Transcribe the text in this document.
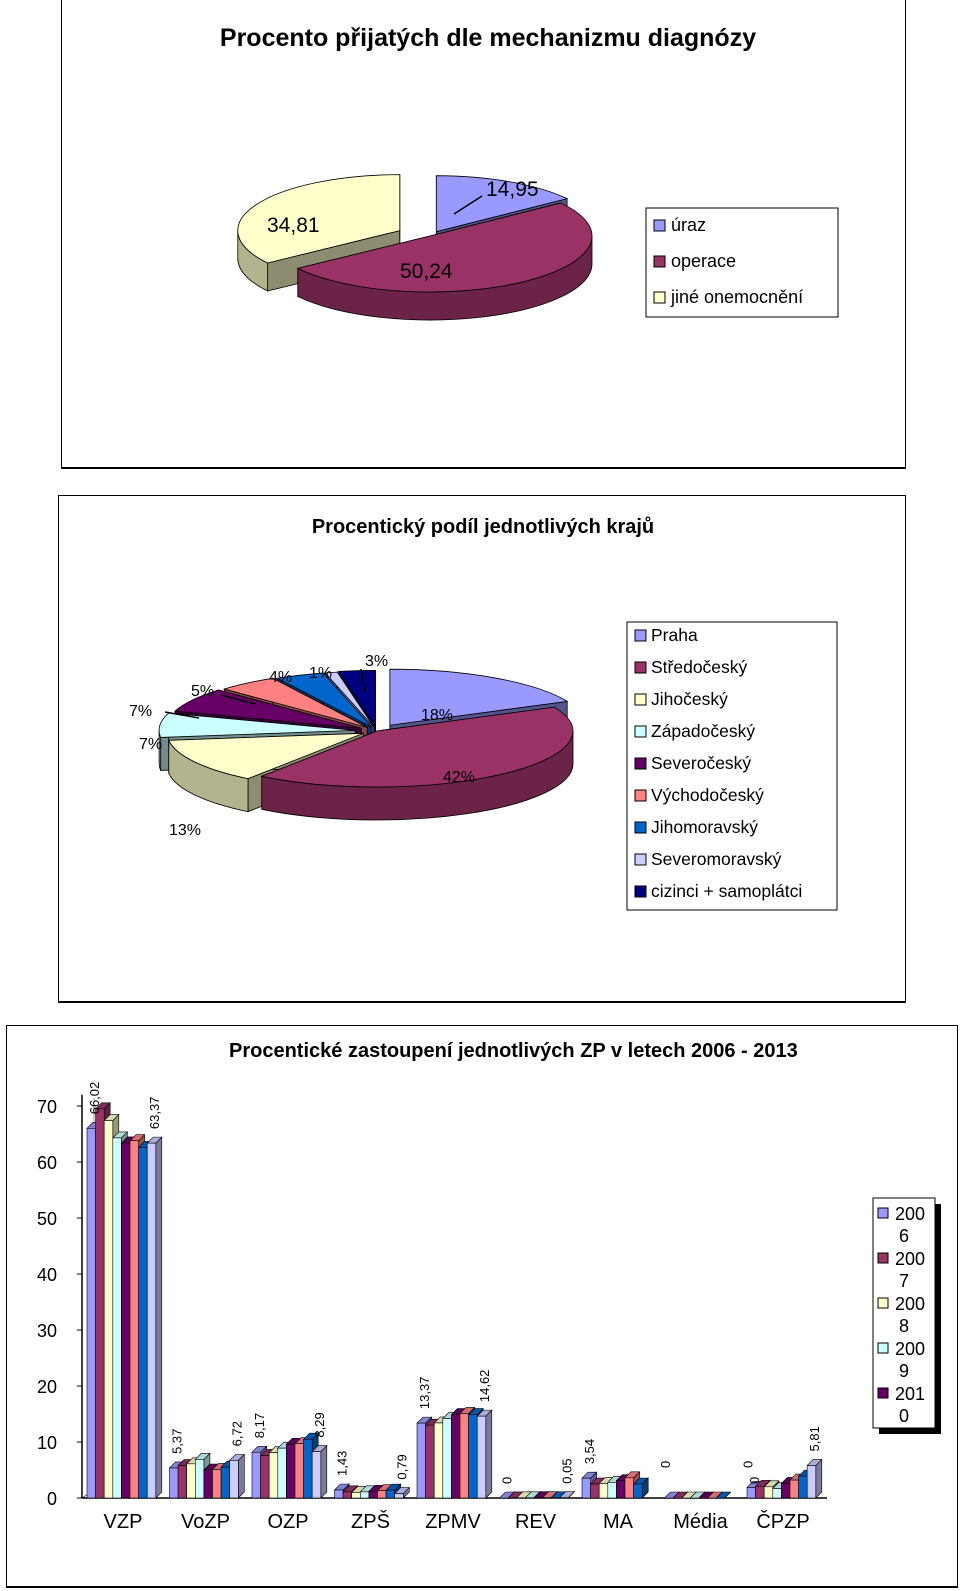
Procento přijatých dle mechanizmu diagnózy
14,95
50,24
34,81	úraz
operace
jiné onemocnění
Procentický podíl jednotlivých krajů
18%
42%
13%
7%
7%
5%
4% 1%
3%
Praha
Středočeský
Jihočeský
Západočeský
Severočeský
Východočeský
Jihomoravský
Severomoravský
cizinci + samoplátci
Procentické zastoupení jednotlivých ZP v letech 2006 - 2013
0
10
20
30
40
50
60
70
VZP VoZP OZP ZPŠ ZPMV REV MA Média ČPZP
66,02
5,37
8,17
1,43
13,37
0
3,54
0
63,37
6,72	8,29
0,79
14,62
0,05	0	0
5,81
200 6
200 7
200 8
200 9
201 0
